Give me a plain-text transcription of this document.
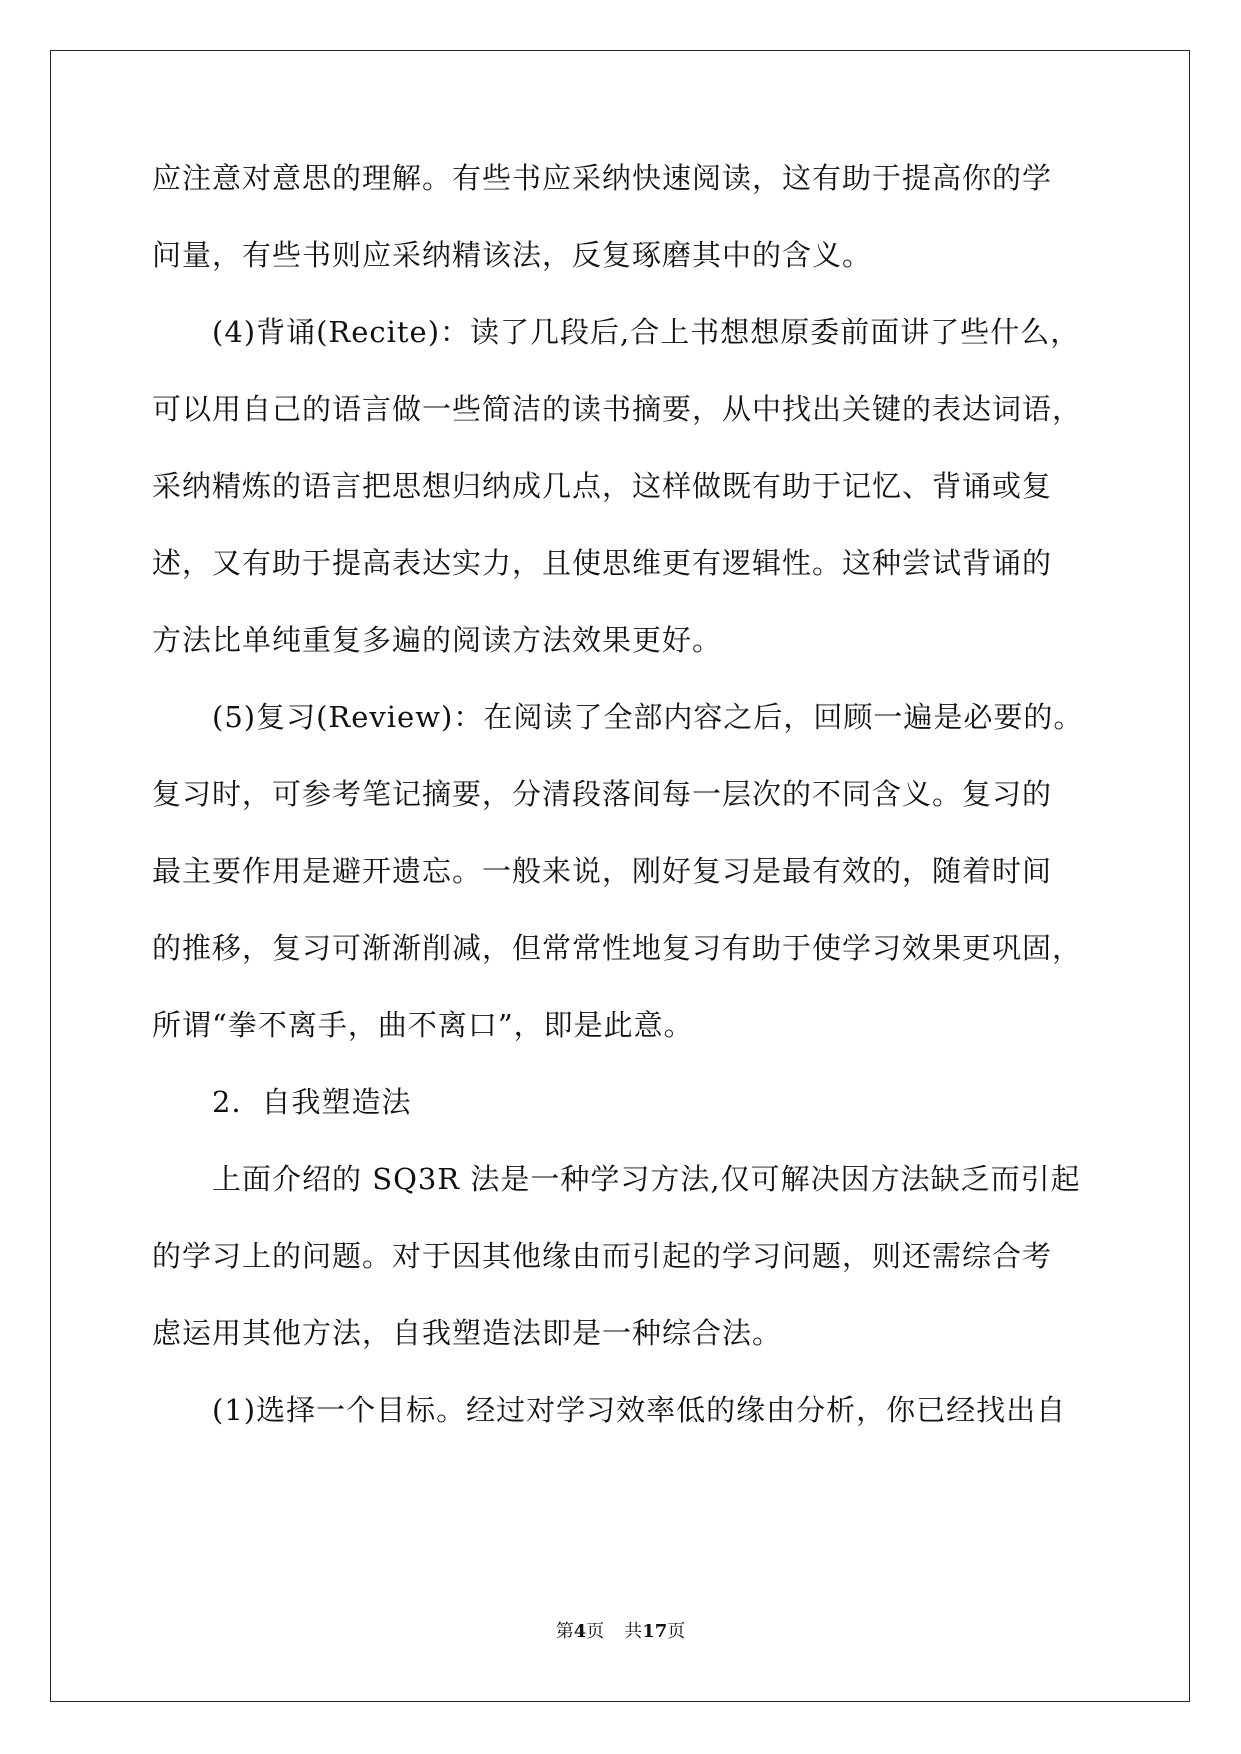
应注意对意思的理解。有些书应采纳快速阅读，这有助于提高你的学
问量，有些书则应采纳精该法，反复琢磨其中的含义。
(4)背诵(Recite)：读了几段后,合上书想想原委前面讲了些什么，
可以用自己的语言做一些简洁的读书摘要，从中找出关键的表达词语，
采纳精炼的语言把思想归纳成几点，这样做既有助于记忆、背诵或复
述，又有助于提高表达实力，且使思维更有逻辑性。这种尝试背诵的
方法比单纯重复多遍的阅读方法效果更好。
(5)复习(Review)：在阅读了全部内容之后，回顾一遍是必要的。
复习时，可参考笔记摘要，分清段落间每一层次的不同含义。复习的
最主要作用是避开遗忘。一般来说，刚好复习是最有效的，随着时间
的推移，复习可渐渐削减，但常常性地复习有助于使学习效果更巩固，
所谓“拳不离手，曲不离口”，即是此意。
2．自我塑造法
上面介绍的 SQ3R 法是一种学习方法,仅可解决因方法缺乏而引起
的学习上的问题。对于因其他缘由而引起的学习问题，则还需综合考
虑运用其他方法，自我塑造法即是一种综合法。
(1)选择一个目标。经过对学习效率低的缘由分析，你已经找出自
第4页 共17页
